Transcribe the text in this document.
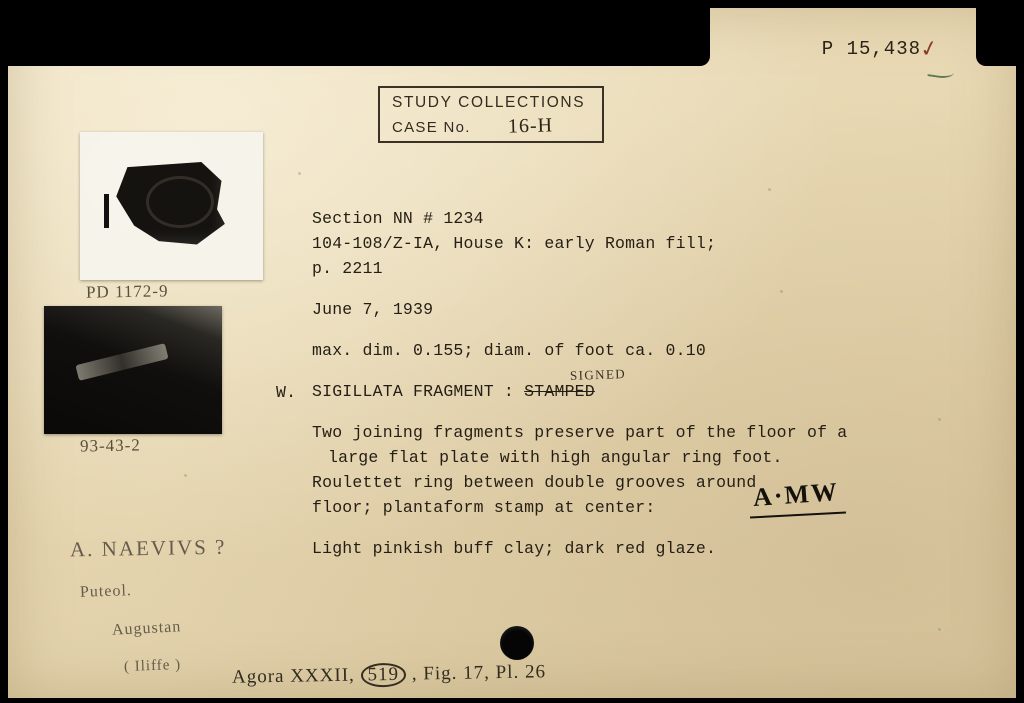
P 15,438
✓
STUDY COLLECTIONS
CASE No. 16-H
PD 1172-9
93-43-2
Section NN # 1234
104-108/Z-IA, House K: early Roman fill;
p. 2211
June 7, 1939
max. dim. 0.155; diam. of foot ca. 0.10
W. SIGILLATA FRAGMENT : STAMPED
SIGNED
Two joining fragments preserve part of the floor of a
large flat plate with high angular ring foot.
Roulettet ring between double grooves around
floor; plantaform stamp at center:
Light pinkish buff clay; dark red glaze.
A·MW
A. NAEVIVS ?
Puteol.
Augustan
( Iliffe )	Agora XXXII, 519 , Fig. 17, Pl. 26
